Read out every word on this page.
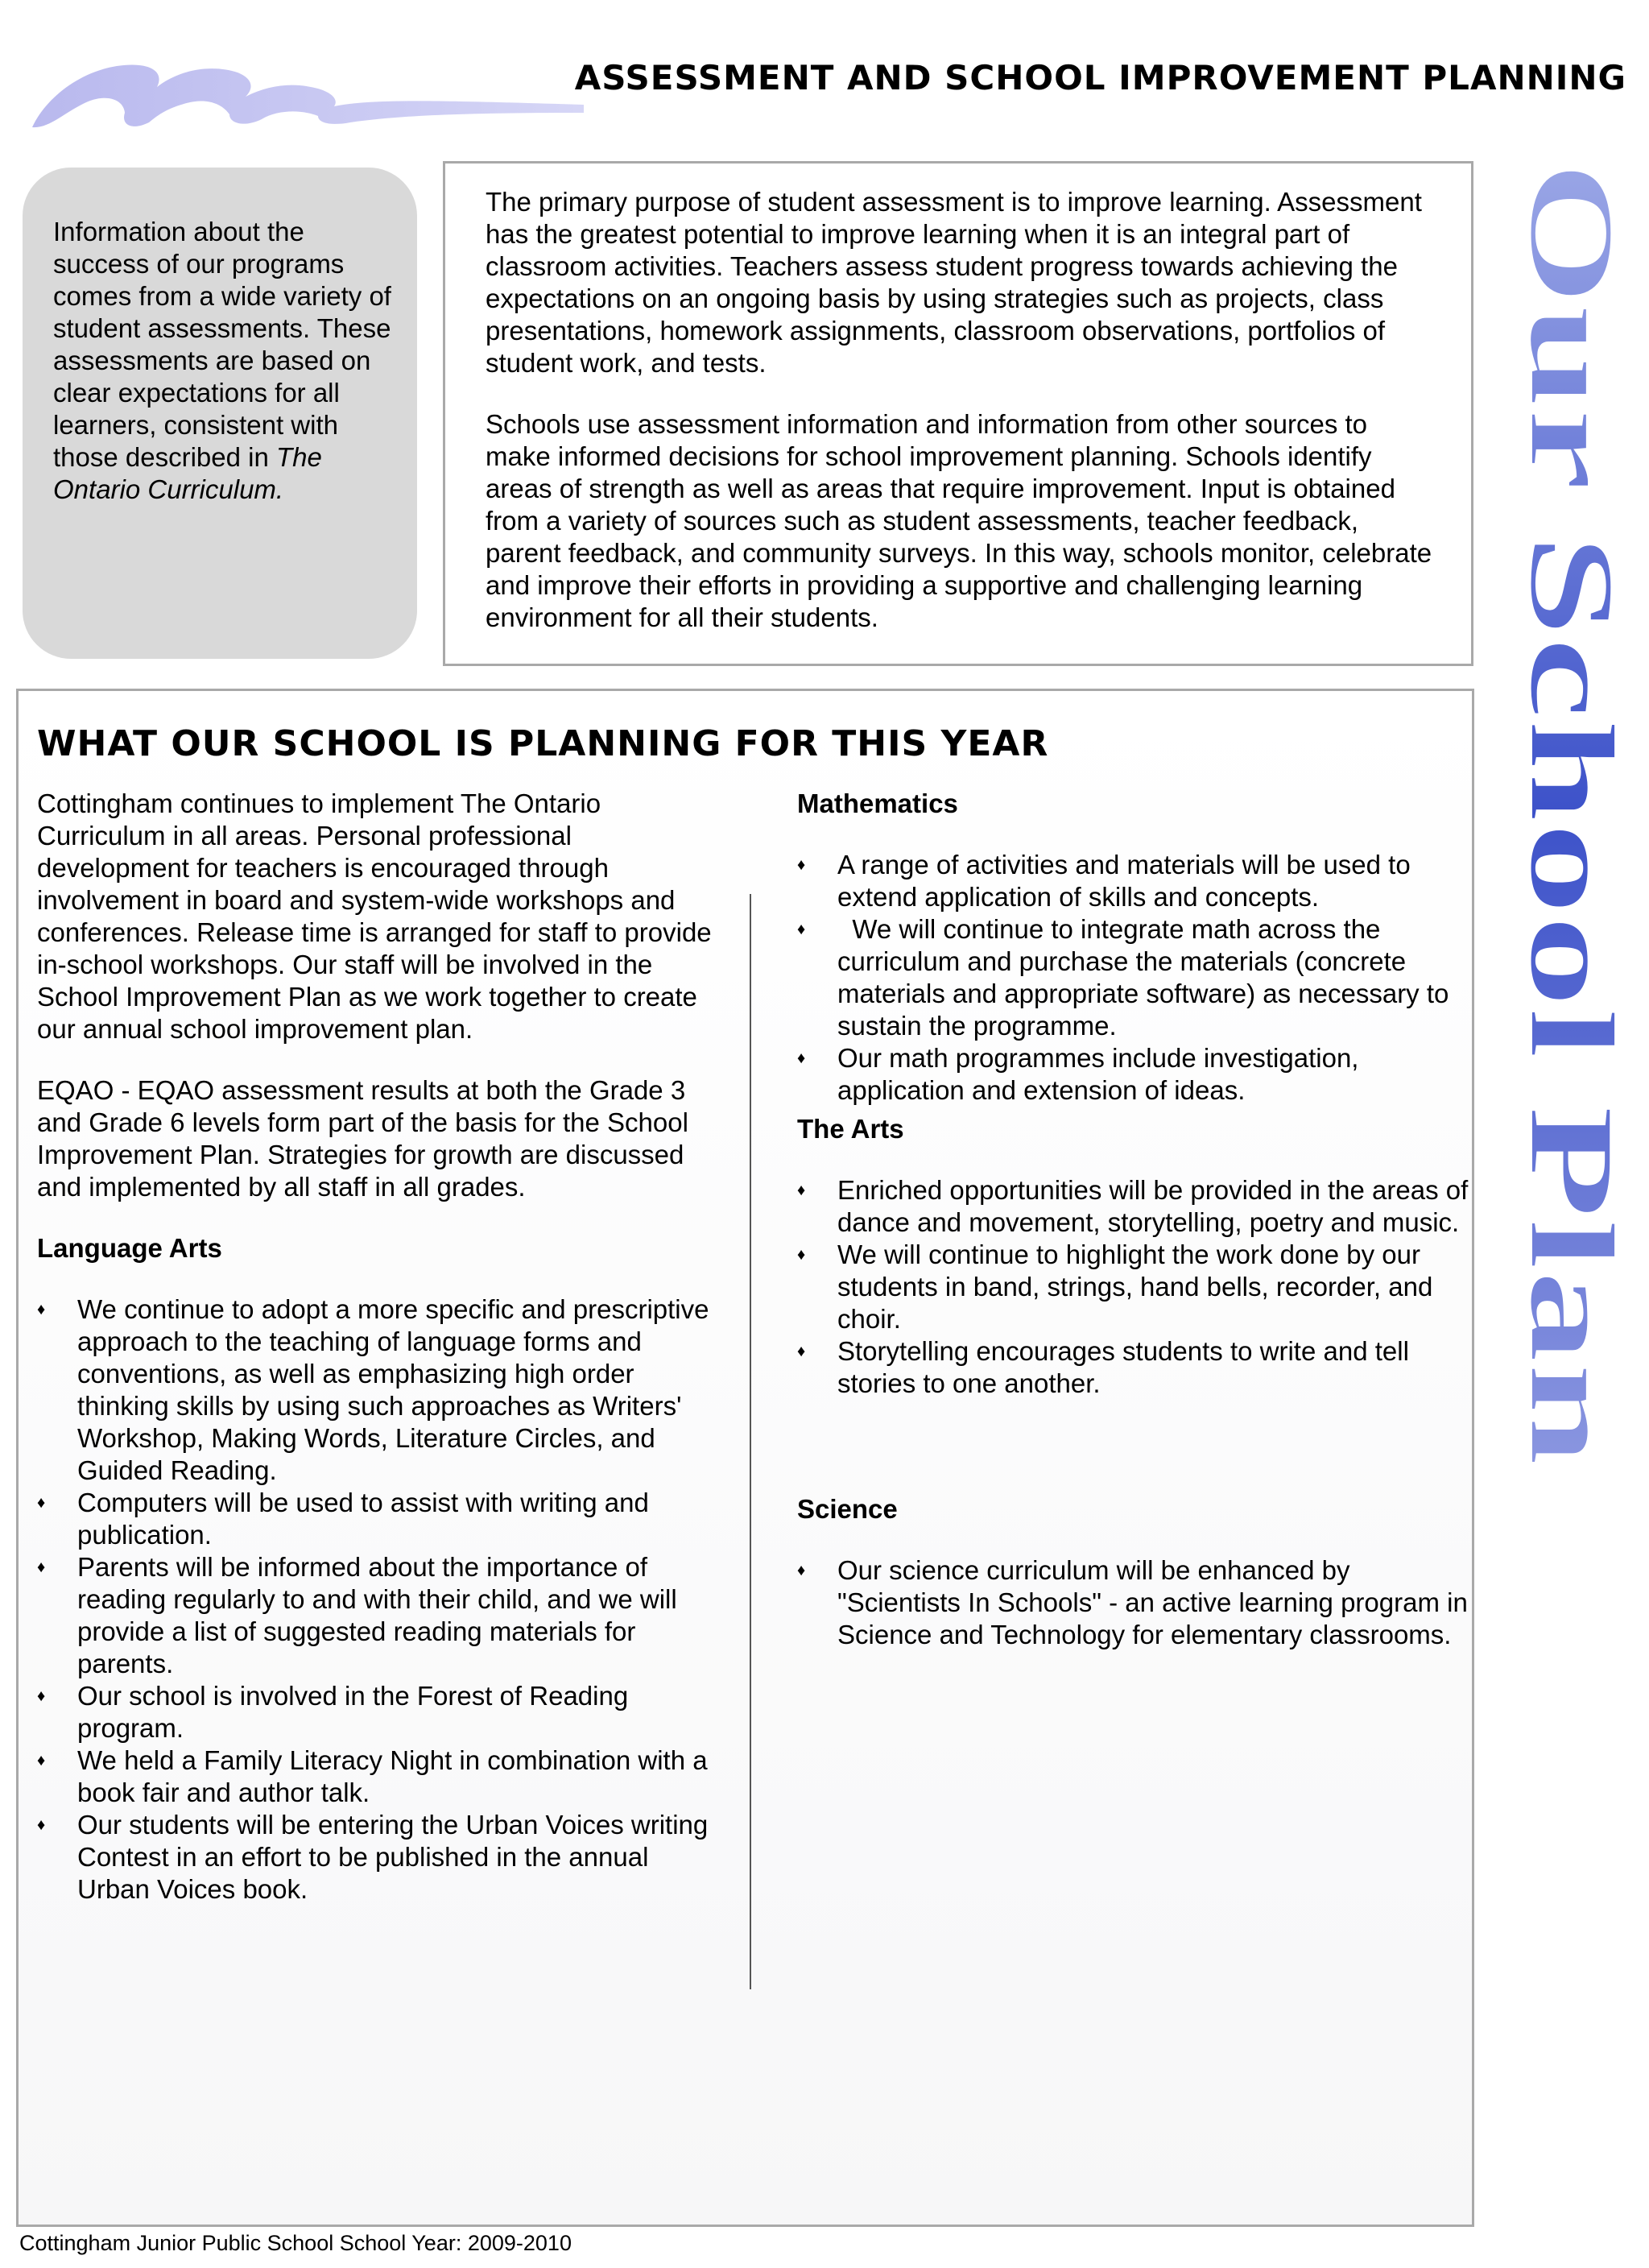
ASSESSMENT AND SCHOOL IMPROVEMENT PLANNING
Our School Plan

Information about the success of our programs comes from a wide variety of student assessments. These assessments are based on clear expectations for all learners, consistent with those described in The Ontario Curriculum.

The primary purpose of student assessment is to improve learning. Assessment has the greatest potential to improve learning when it is an integral part of classroom activities. Teachers assess student progress towards achieving the expectations on an ongoing basis by using strategies such as projects, class presentations, homework assignments, classroom observations, portfolios of student work, and tests.

Schools use assessment information and information from other sources to make informed decisions for school improvement planning. Schools identify areas of strength as well as areas that require improvement. Input is obtained from a variety of sources such as student assessments, teacher feedback, parent feedback, and community surveys. In this way, schools monitor, celebrate and improve their efforts in providing a supportive and challenging learning environment for all their students.

WHAT OUR SCHOOL IS PLANNING FOR THIS YEAR

Cottingham continues to implement The Ontario Curriculum in all areas. Personal professional development for teachers is encouraged through involvement in board and system-wide workshops and conferences. Release time is arranged for staff to provide in-school workshops. Our staff will be involved in the School Improvement Plan as we work together to create our annual school improvement plan.

EQAO - EQAO assessment results at both the Grade 3 and Grade 6 levels form part of the basis for the School Improvement Plan. Strategies for growth are discussed and implemented by all staff in all grades.

Language Arts
♦ We continue to adopt a more specific and prescriptive approach to the teaching of language forms and conventions, as well as emphasizing high order thinking skills by using such approaches as Writers' Workshop, Making Words, Literature Circles, and Guided Reading.
♦ Computers will be used to assist with writing and publication.
♦ Parents will be informed about the importance of reading regularly to and with their child, and we will provide a list of suggested reading materials for parents.
♦ Our school is involved in the Forest of Reading program.
♦ We held a Family Literacy Night in combination with a book fair and author talk.
♦ Our students will be entering the Urban Voices writing Contest in an effort to be published in the annual Urban Voices book.
Mathematics
♦ A range of activities and materials will be used to extend application of skills and concepts.
♦ We will continue to integrate math across the curriculum and purchase the materials (concrete materials and appropriate software) as necessary to sustain the programme.
♦ Our math programmes include investigation, application and extension of ideas.
The Arts
♦ Enriched opportunities will be provided in the areas of dance and movement, storytelling, poetry and music.
♦ We will continue to highlight the work done by our students in band, strings, hand bells, recorder, and choir.
♦ Storytelling encourages students to write and tell stories to one another.
Science
♦ Our science curriculum will be enhanced by "Scientists In Schools" - an active learning program in Science and Technology for elementary classrooms.
Cottingham Junior Public School School Year: 2009-2010
